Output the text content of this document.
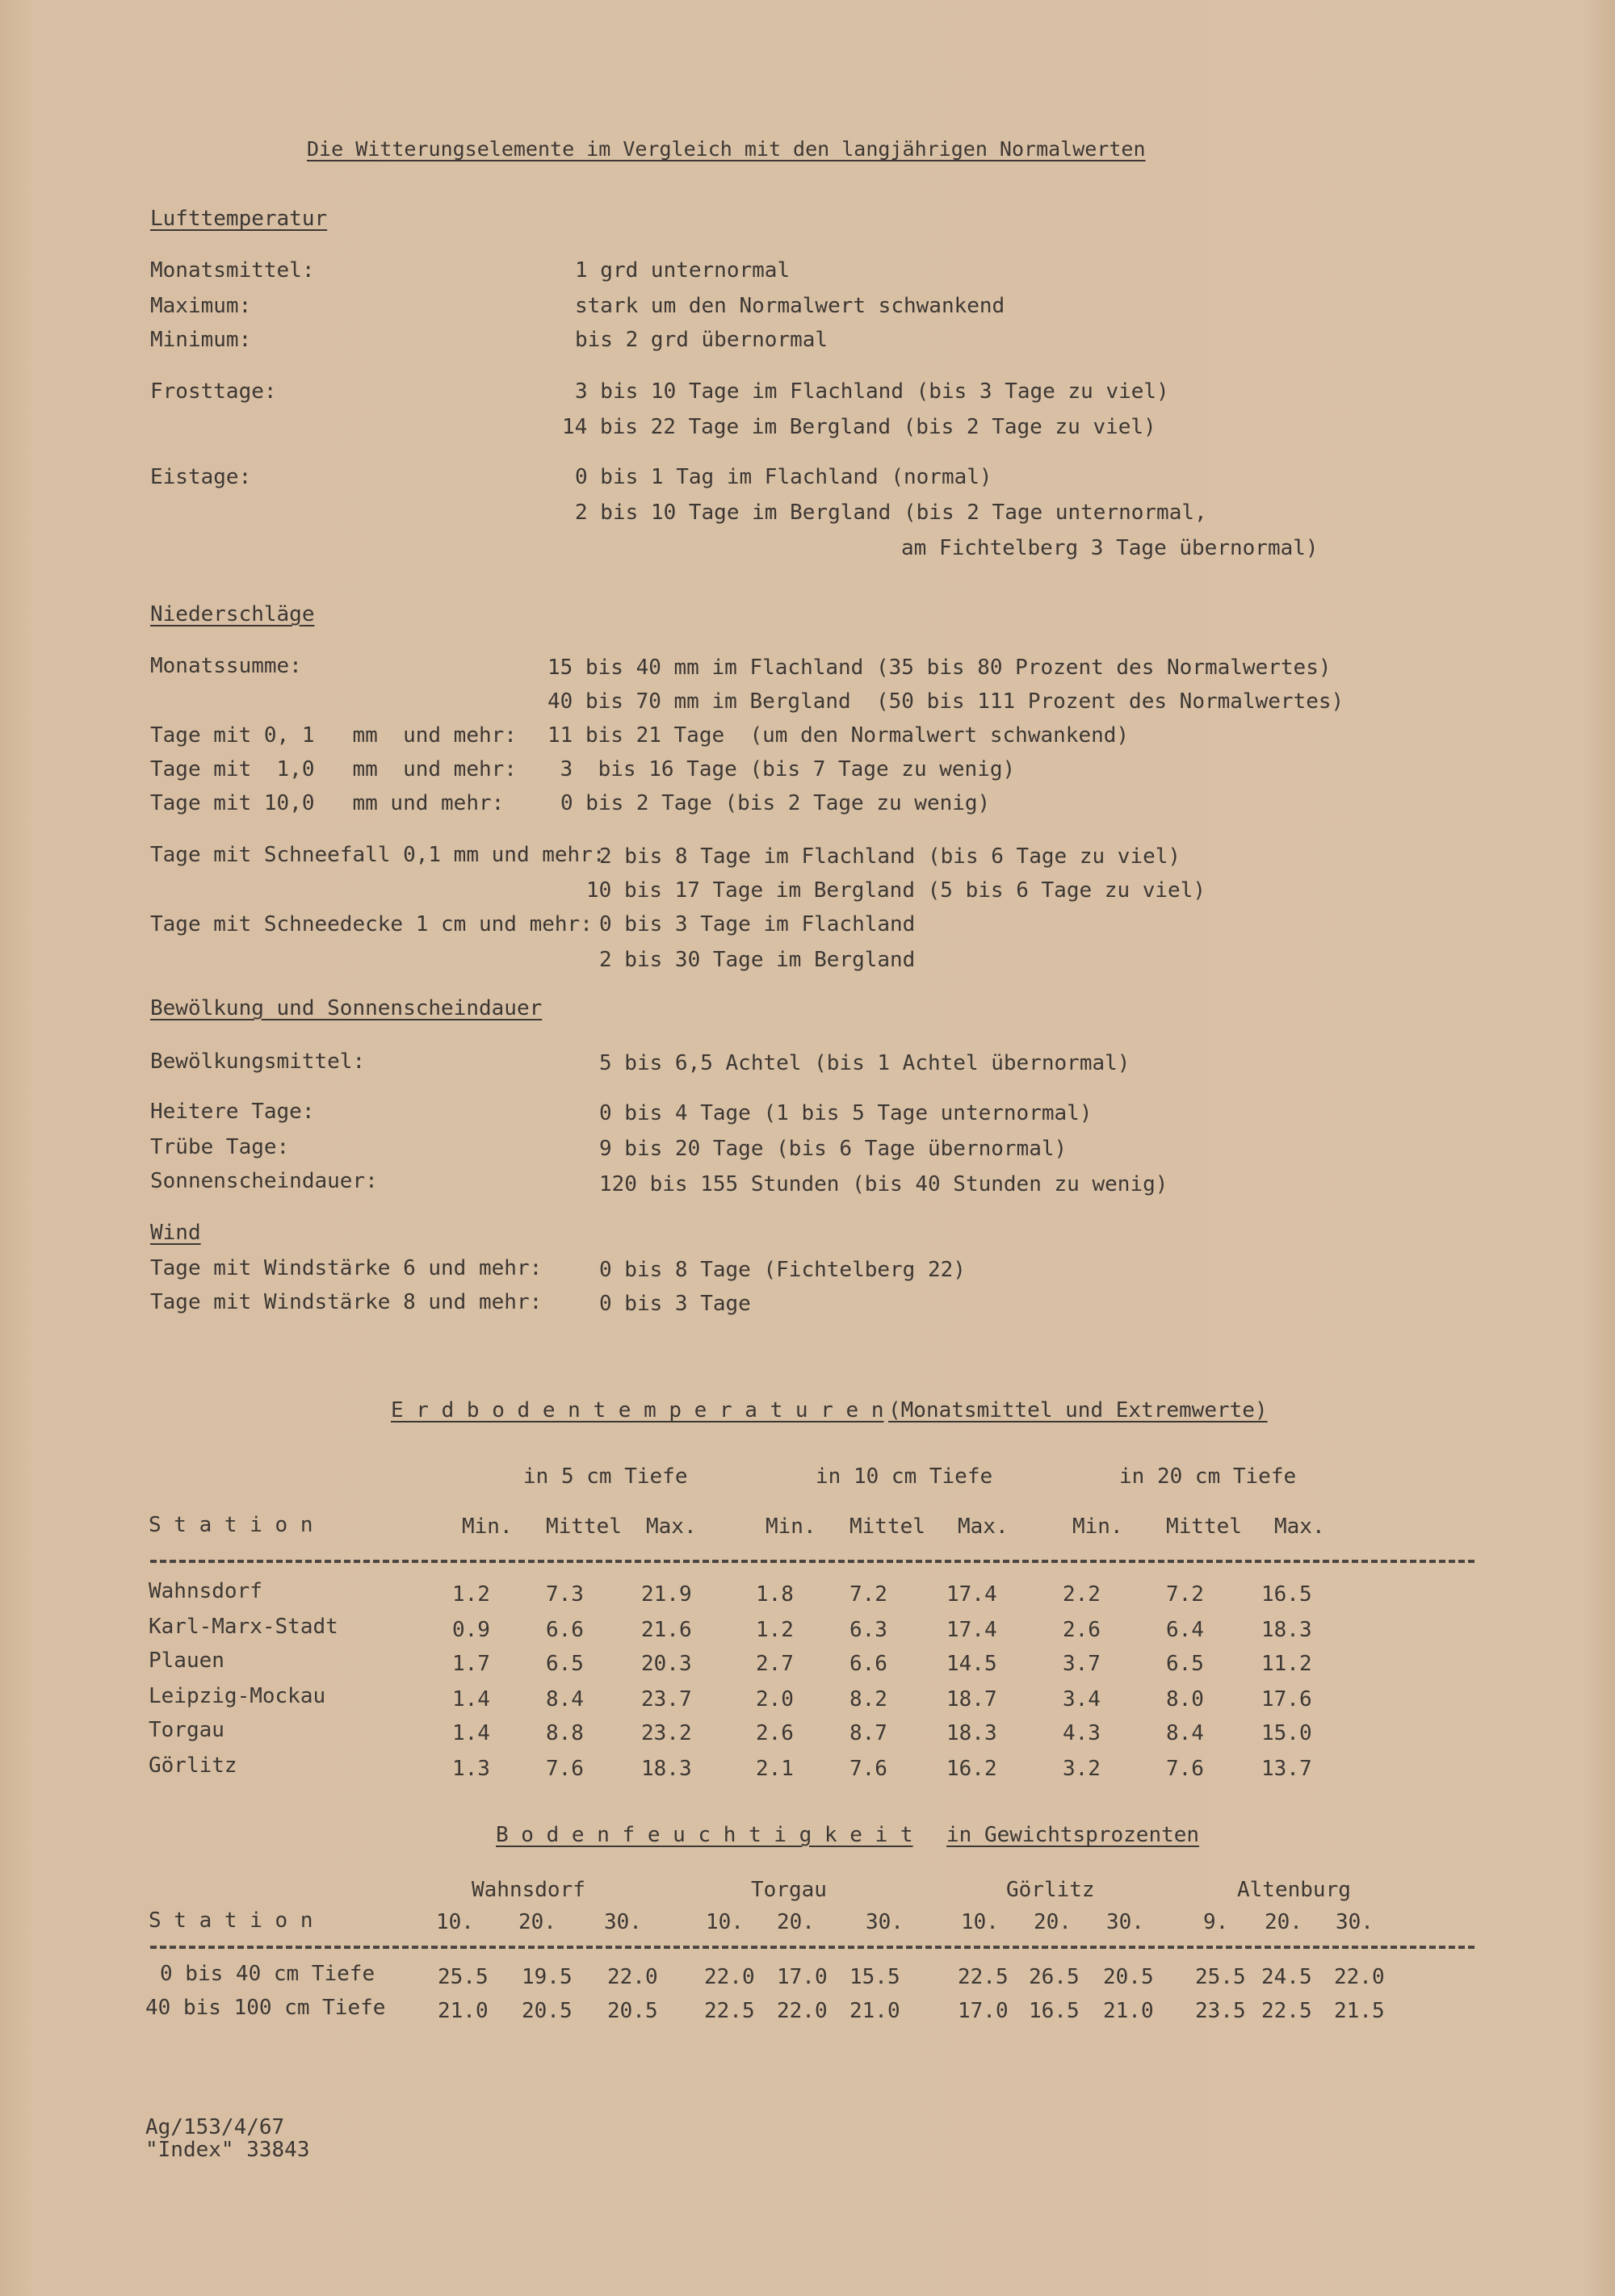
Die Witterungselemente im Vergleich mit den langjährigen Normalwerten
Lufttemperatur
Monatsmittel:	1 grd unternormal
Maximum:	stark um den Normalwert schwankend
Minimum:	bis 2 grd übernormal
Frosttage:	3 bis 10 Tage im Flachland (bis 3 Tage zu viel)
14 bis 22 Tage im Bergland (bis 2 Tage zu viel)
Eistage:	0 bis 1 Tag im Flachland (normal)
2 bis 10 Tage im Bergland (bis 2 Tage unternormal,
am Fichtelberg 3 Tage übernormal)
Niederschläge
Monatssumme:	15 bis 40 mm im Flachland (35 bis 80 Prozent des Normalwertes)
40 bis 70 mm im Bergland  (50 bis 111 Prozent des Normalwertes)
Tage mit 0, 1   mm  und mehr: 11 bis 21 Tage  (um den Normalwert schwankend)
Tage mit  1,0   mm  und mehr: 3  bis 16 Tage (bis 7 Tage zu wenig)
Tage mit 10,0   mm und mehr:	0 bis 2 Tage (bis 2 Tage zu wenig)
Tage mit Schneefall 0,1 mm und mehr:
2 bis 8 Tage im Flachland (bis 6 Tage zu viel)
10 bis 17 Tage im Bergland (5 bis 6 Tage zu viel)
Tage mit Schneedecke 1 cm und mehr: 0 bis 3 Tage im Flachland
2 bis 30 Tage im Bergland
Bewölkung und Sonnenscheindauer
Bewölkungsmittel:	5 bis 6,5 Achtel (bis 1 Achtel übernormal)
Heitere Tage:	0 bis 4 Tage (1 bis 5 Tage unternormal)
Trübe Tage:	9 bis 20 Tage (bis 6 Tage übernormal)
Sonnenscheindauer:	120 bis 155 Stunden (bis 40 Stunden zu wenig)
Wind
Tage mit Windstärke 6 und mehr:	0 bis 8 Tage (Fichtelberg 22)
Tage mit Windstärke 8 und mehr:	0 bis 3 Tage
E r d b o d e n t e m p e r a t u r e n (Monatsmittel und Extremwerte)
in 5 cm Tiefe	in 10 cm Tiefe	in 20 cm Tiefe
S t a t i o n	Min. Mittel Max.	Min. Mittel Max.	Min. Mittel Max.
Wahnsdorf	1.2	7.3	21.9	1.8	7.2	17.4	2.2	7.2	16.5
Karl-Marx-Stadt	0.9	6.6	21.6	1.2	6.3	17.4	2.6	6.4	18.3
Plauen	1.7	6.5	20.3	2.7	6.6	14.5	3.7	6.5	11.2
Leipzig-Mockau	1.4	8.4	23.7	2.0	8.2	18.7	3.4	8.0	17.6
Torgau	1.4	8.8	23.2	2.6	8.7	18.3	4.3	8.4	15.0
Görlitz	1.3	7.6	18.3	2.1	7.6	16.2	3.2	7.6	13.7
B o d e n f e u c h t i g k e i t in Gewichtsprozenten
Wahnsdorf	Torgau	Görlitz	Altenburg
S t a t i o n	10. 20. 30.	10. 20. 30.	10. 20. 30.	9. 20. 30.
0 bis 40 cm Tiefe	25.5 19.5 22.0 22.0 17.0 15.5	22.5 26.5 20.5 25.5 24.5 22.0
40 bis 100 cm Tiefe 21.0 20.5 20.5 22.5 22.0 21.0	17.0 16.5 21.0 23.5 22.5 21.5
Ag/153/4/67
"Index" 33843
